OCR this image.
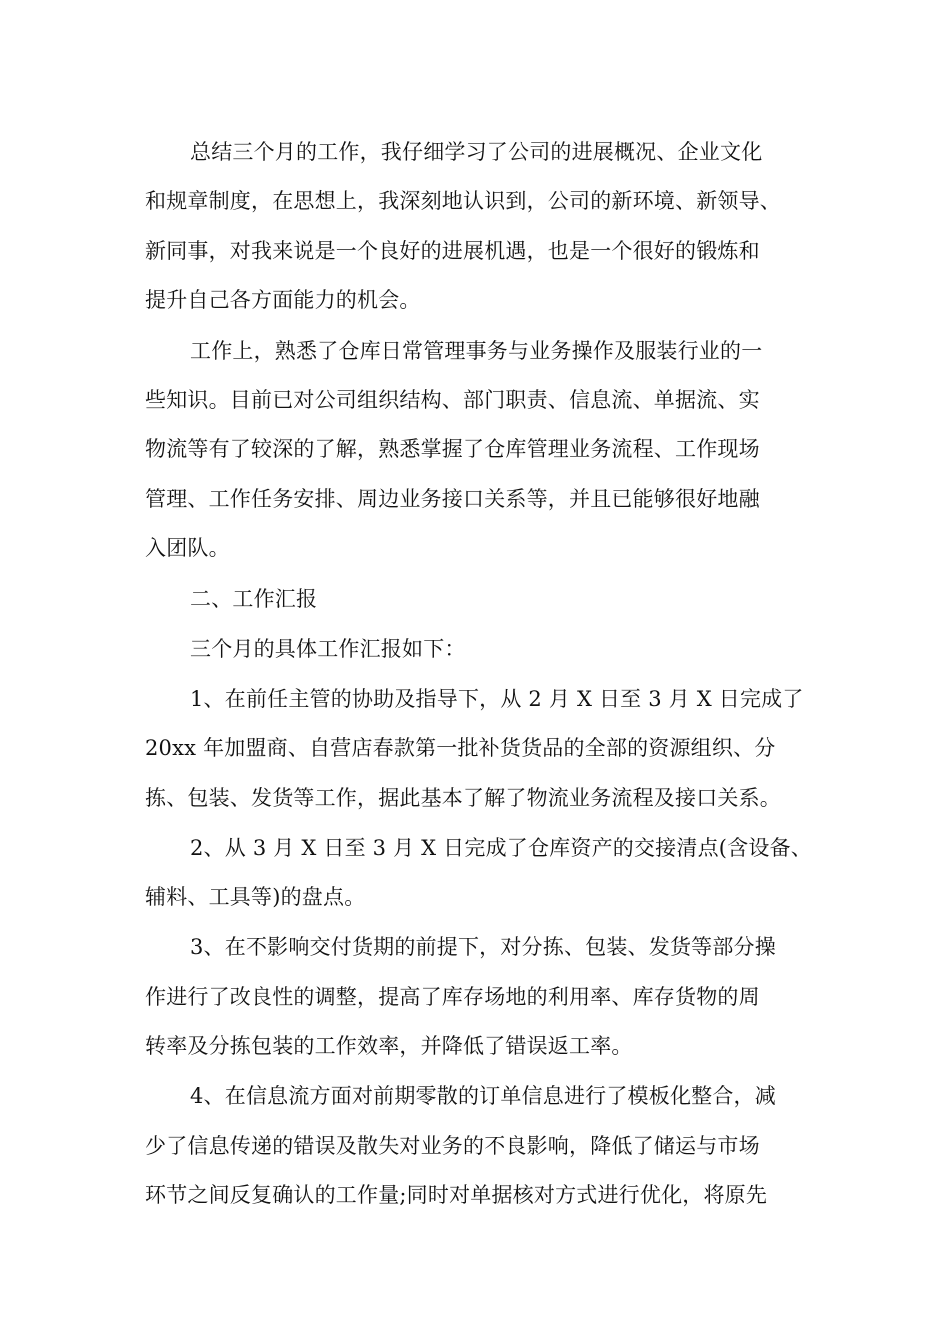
总结三个月的工作，我仔细学习了公司的进展概况、企业文化
和规章制度，在思想上，我深刻地认识到，公司的新环境、新领导、
新同事，对我来说是一个良好的进展机遇，也是一个很好的锻炼和
提升自己各方面能力的机会。
工作上，熟悉了仓库日常管理事务与业务操作及服装行业的一
些知识。目前已对公司组织结构、部门职责、信息流、单据流、实
物流等有了较深的了解，熟悉掌握了仓库管理业务流程、工作现场
管理、工作任务安排、周边业务接口关系等，并且已能够很好地融
入团队。
二、工作汇报
三个月的具体工作汇报如下：
1、在前任主管的协助及指导下，从 2 月 X 日至 3 月 X 日完成了
20xx 年加盟商、自营店春款第一批补货货品的全部的资源组织、分
拣、包装、发货等工作，据此基本了解了物流业务流程及接口关系。
2、从 3 月 X 日至 3 月 X 日完成了仓库资产的交接清点(含设备、
辅料、工具等)的盘点。
3、在不影响交付货期的前提下，对分拣、包装、发货等部分操
作进行了改良性的调整，提高了库存场地的利用率、库存货物的周
转率及分拣包装的工作效率，并降低了错误返工率。
4、在信息流方面对前期零散的订单信息进行了模板化整合，减
少了信息传递的错误及散失对业务的不良影响，降低了储运与市场
环节之间反复确认的工作量;同时对单据核对方式进行优化，将原先
